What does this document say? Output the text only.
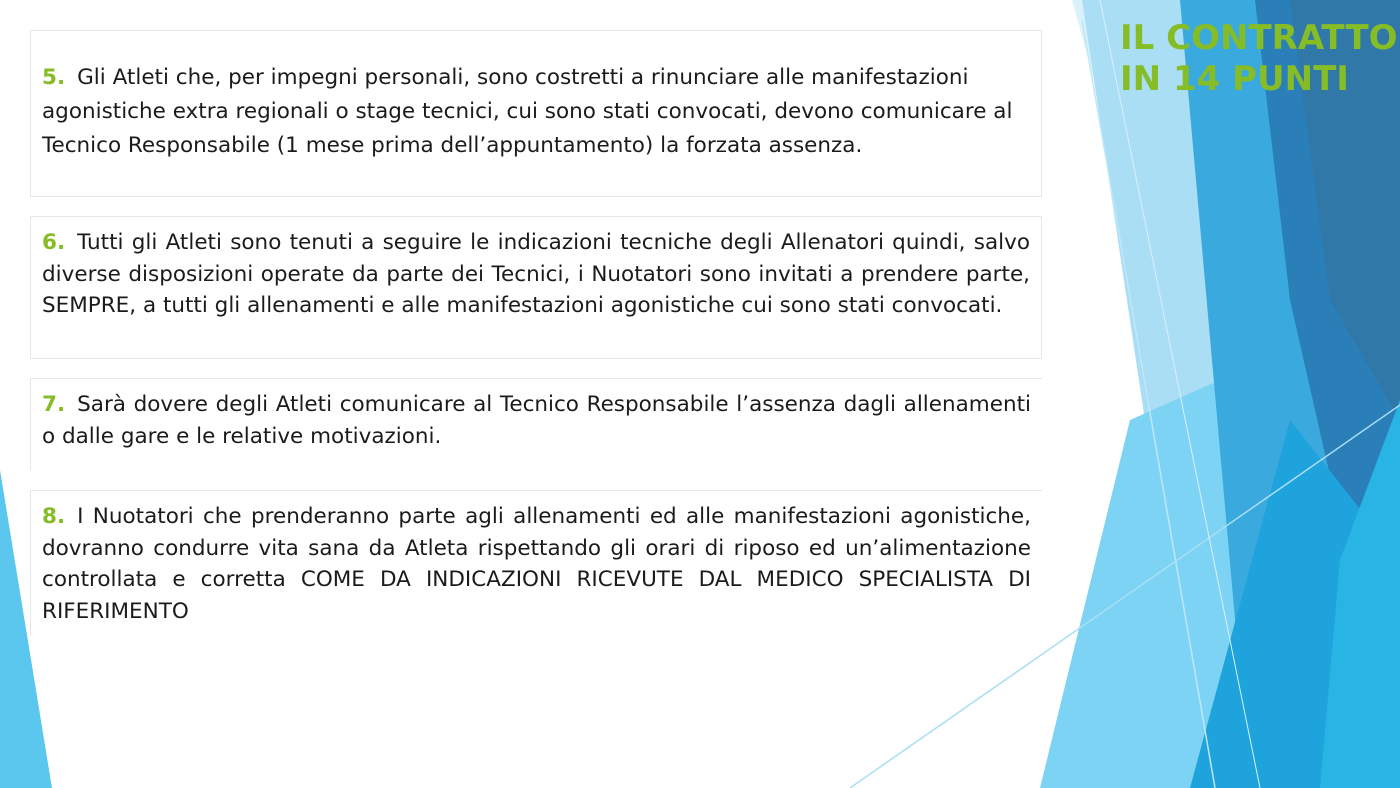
IL CONTRATTO
IN 14 PUNTI
5. Gli Atleti che, per impegni personali, sono costretti a rinunciare alle manifestazioni agonistiche extra regionali o stage tecnici, cui sono stati convocati, devono comunicare al Tecnico Responsabile (1 mese prima dell’appuntamento) la forzata assenza.
6. Tutti gli Atleti sono tenuti a seguire le indicazioni tecniche degli Allenatori quindi, salvo diverse disposizioni operate da parte dei Tecnici, i Nuotatori sono invitati a prendere parte, SEMPRE, a tutti gli allenamenti e alle manifestazioni agonistiche cui sono stati convocati.
7. Sarà dovere degli Atleti comunicare al Tecnico Responsabile l’assenza dagli allenamenti o dalle gare e le relative motivazioni.
8. I Nuotatori che prenderanno parte agli allenamenti ed alle manifestazioni agonistiche, dovranno condurre vita sana da Atleta rispettando gli orari di riposo ed un’alimentazione controllata e corretta COME DA INDICAZIONI RICEVUTE DAL MEDICO SPECIALISTA DI RIFERIMENTO
